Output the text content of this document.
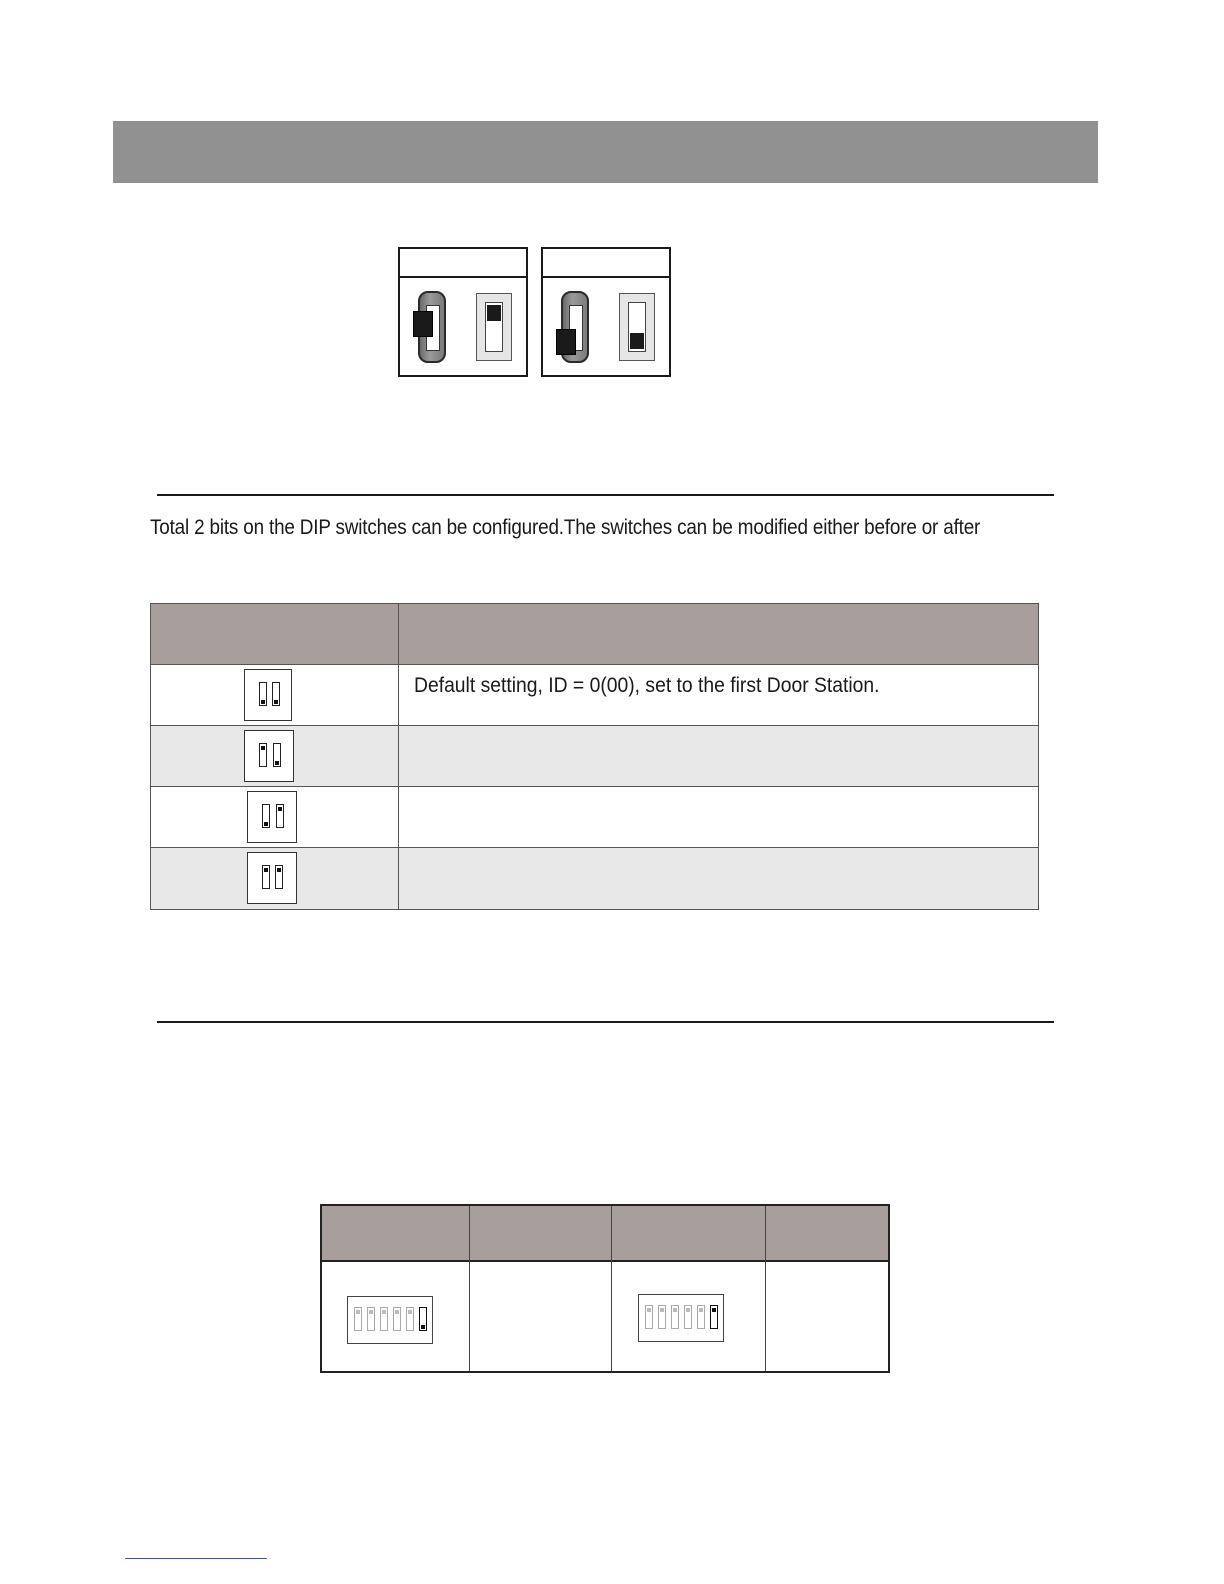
Total 2 bits on the DIP switches can be configured.The switches can be modified either before or after
Default setting, ID = 0(00), set to the first Door Station.
